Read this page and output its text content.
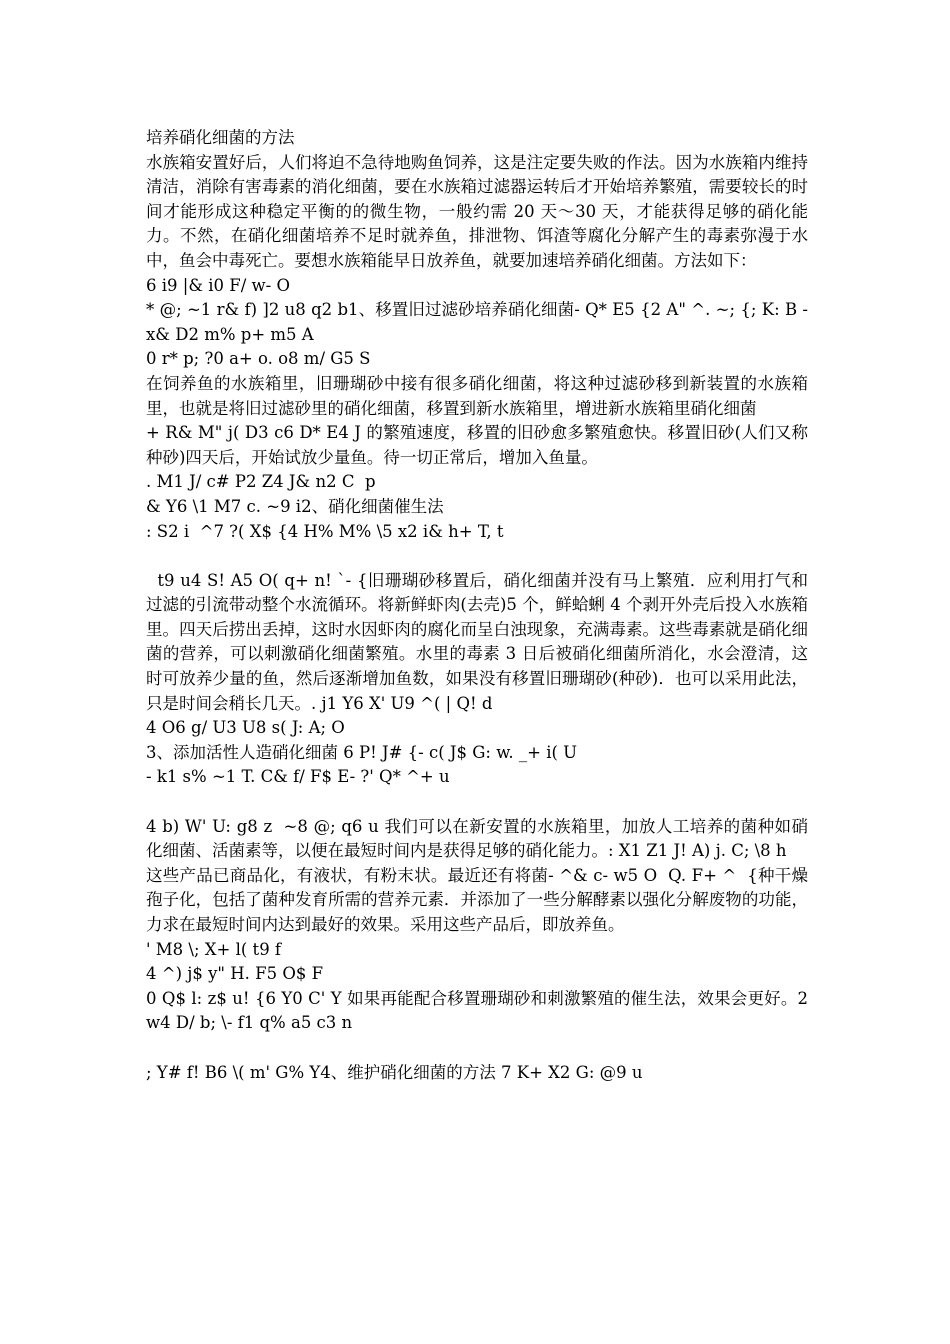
培养硝化细菌的方法
水族箱安置好后，人们将迫不急待地购鱼饲养，这是注定要失败的作法。因为水族箱内维持清洁，消除有害毒素的消化细菌，要在水族箱过滤器运转后才开始培养繁殖，需要较长的时间才能形成这种稳定平衡的的微生物，一般约需 20 天～30 天，才能获得足够的硝化能力。不然，在硝化细菌培养不足时就养鱼，排泄物、饵渣等腐化分解产生的毒素弥漫于水中，鱼会中毒死亡。要想水族箱能早日放养鱼，就要加速培养硝化细菌。方法如下：
6 i9 |& i0 F/ w- O
* @; ~1 r& f) ]2 u8 q2 b1、移置旧过滤砂培养硝化细菌- Q* E5 {2 A" ^. ~; {; K: B - x& D2 m% p+ m5 A
0 r* p; ?0 a+ o. o8 m/ G5 S
在饲养鱼的水族箱里，旧珊瑚砂中接有很多硝化细菌，将这种过滤砂移到新装置的水族箱里，也就是将旧过滤砂里的硝化细菌，移置到新水族箱里，增进新水族箱里硝化细菌
+ R& M" j( D3 c6 D* E4 J 的繁殖速度，移置的旧砂愈多繁殖愈快。移置旧砂(人们又称种砂)四天后，开始试放少量鱼。待一切正常后，增加入鱼量。
. M1 J/ c# P2 Z4 J& n2 C  p
& Y6 \1 M7 c. ~9 i2、硝化细菌催生法
: S2 i  ^7 ?( X$ {4 H% M% \5 x2 i& h+ T, t
t9 u4 S! A5 O( q+ n! `- {旧珊瑚砂移置后，硝化细菌并没有马上繁殖．应利用打气和过滤的引流带动整个水流循环。将新鲜虾肉(去壳)5 个，鲜蛤蜊 4 个剥开外壳后投入水族箱里。四天后捞出丢掉，这时水因虾肉的腐化而呈白浊现象，充满毒素。这些毒素就是硝化细菌的营养，可以刺激硝化细菌繁殖。水里的毒素 3 日后被硝化细菌所消化，水会澄清，这时可放养少量的鱼，然后逐渐增加鱼数，如果没有移置旧珊瑚砂(种砂)．也可以采用此法，只是时间会稍长几天。. j1 Y6 X' U9 ^( | Q! d
4 O6 g/ U3 U8 s( J: A; O
3、添加活性人造硝化细菌 6 P! J# {- c( J$ G: w. _+ i( U
- k1 s% ~1 T. C& f/ F$ E- ?' Q* ^+ u
4 b) W' U: g8 z  ~8 @; q6 u 我们可以在新安置的水族箱里，加放人工培养的菌种如硝化细菌、活菌素等，以便在最短时间内是获得足够的硝化能力。: X1 Z1 J! A) j. C; \8 h
这些产品已商品化，有液状，有粉末状。最近还有将菌- ^& c- w5 O  Q. F+ ^  {种干燥孢子化，包括了菌种发育所需的营养元素．并添加了一些分解酵素以强化分解废物的功能，力求在最短时间内达到最好的效果。采用这些产品后，即放养鱼。
' M8 \; X+ l( t9 f
4 ^) j$ y" H. F5 O$ F
0 Q$ l: z$ u! {6 Y0 C' Y 如果再能配合移置珊瑚砂和刺激繁殖的催生法，效果会更好。2 w4 D/ b; \- f1 q% a5 c3 n
; Y# f! B6 \( m' G% Y4、维护硝化细菌的方法 7 K+ X2 G: @9 u
